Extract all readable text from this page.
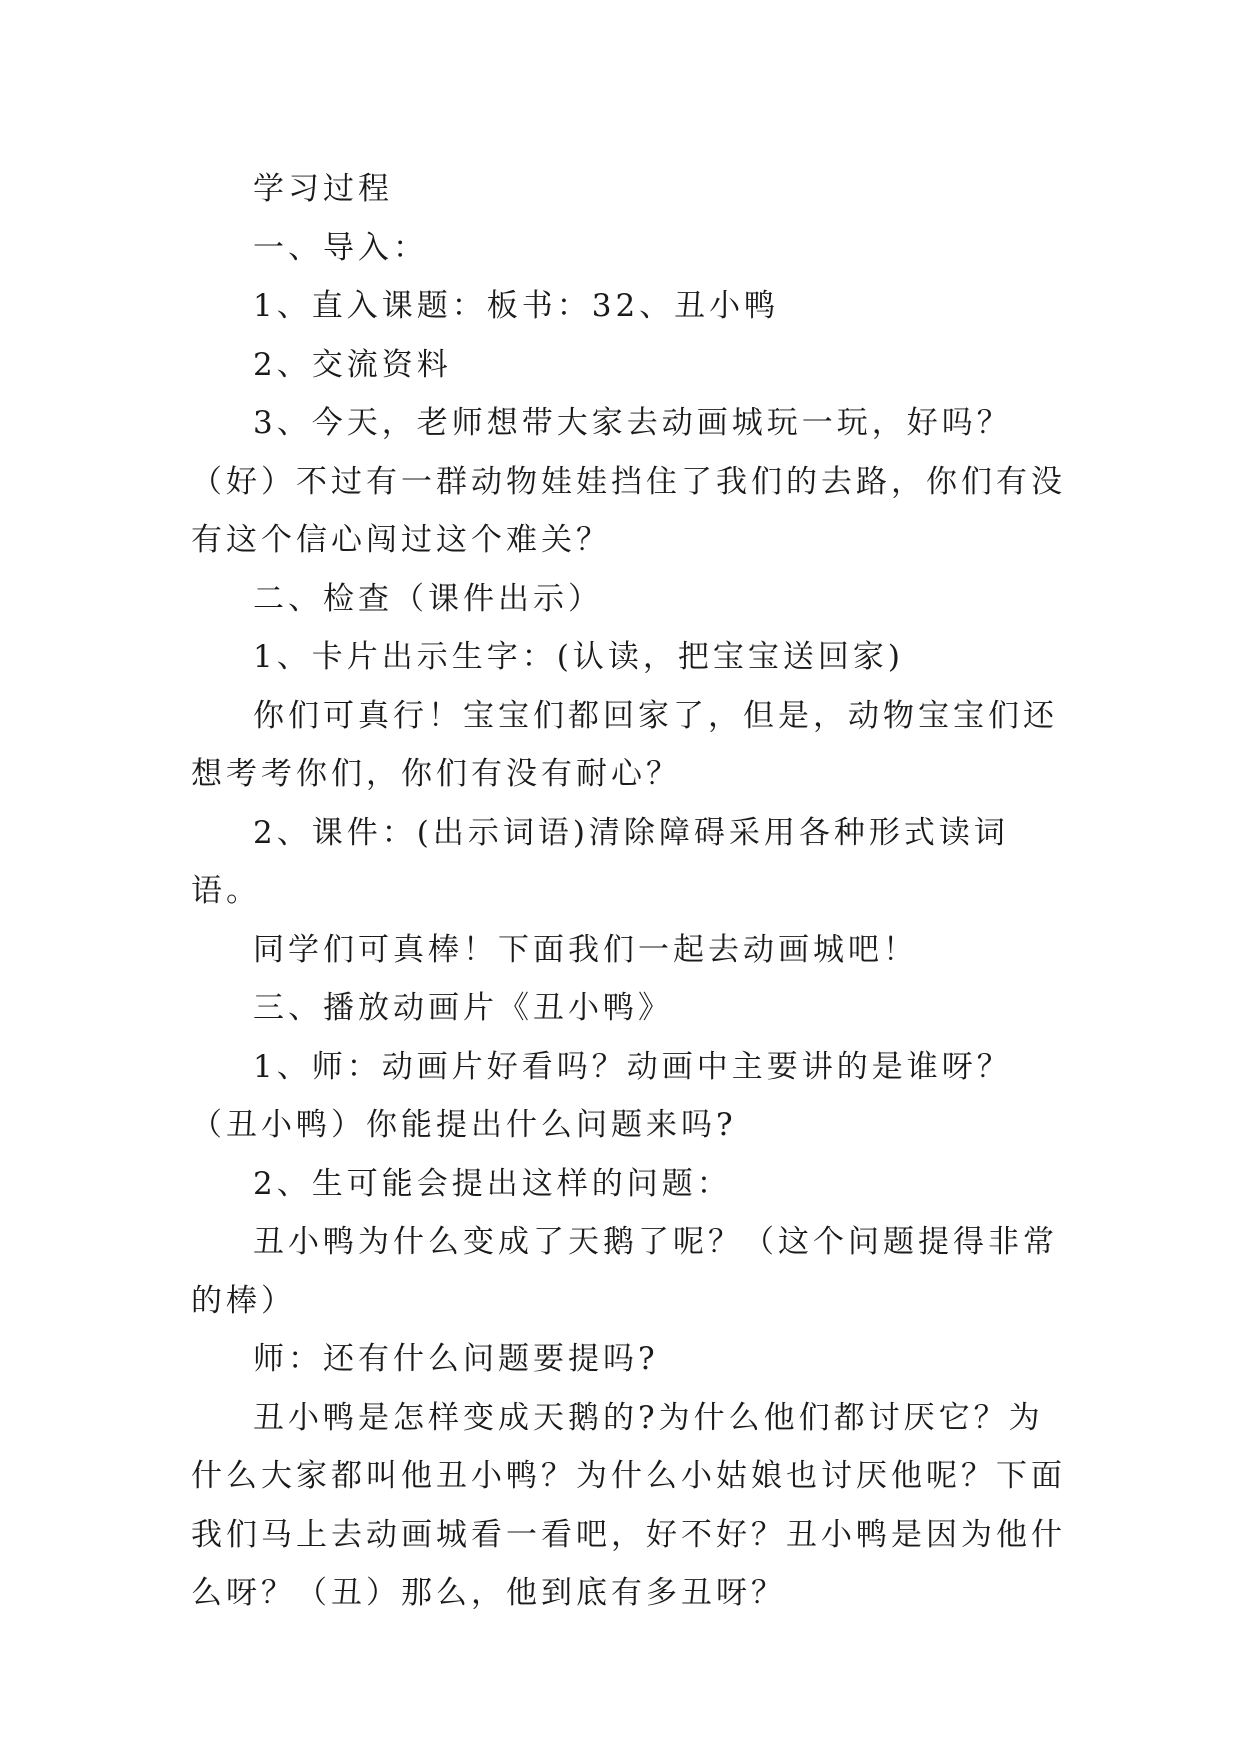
学习过程

一、导入：

1、直入课题：板书：32、丑小鸭

2、交流资料

3、今天，老师想带大家去动画城玩一玩，好吗？（好）不过有一群动物娃娃挡住了我们的去路，你们有没有这个信心闯过这个难关？

二、检查（课件出示）

1、卡片出示生字：(认读，把宝宝送回家)

你们可真行！宝宝们都回家了，但是，动物宝宝们还想考考你们，你们有没有耐心？

2、课件：(出示词语)清除障碍采用各种形式读词语。

同学们可真棒！下面我们一起去动画城吧！

三、播放动画片《丑小鸭》

1、师：动画片好看吗？动画中主要讲的是谁呀？（丑小鸭）你能提出什么问题来吗?

2、生可能会提出这样的问题：

丑小鸭为什么变成了天鹅了呢？（这个问题提得非常的棒）

师：还有什么问题要提吗?

丑小鸭是怎样变成天鹅的?为什么他们都讨厌它？为什么大家都叫他丑小鸭？为什么小姑娘也讨厌他呢？下面我们马上去动画城看一看吧，好不好？丑小鸭是因为他什么呀？（丑）那么，他到底有多丑呀？
